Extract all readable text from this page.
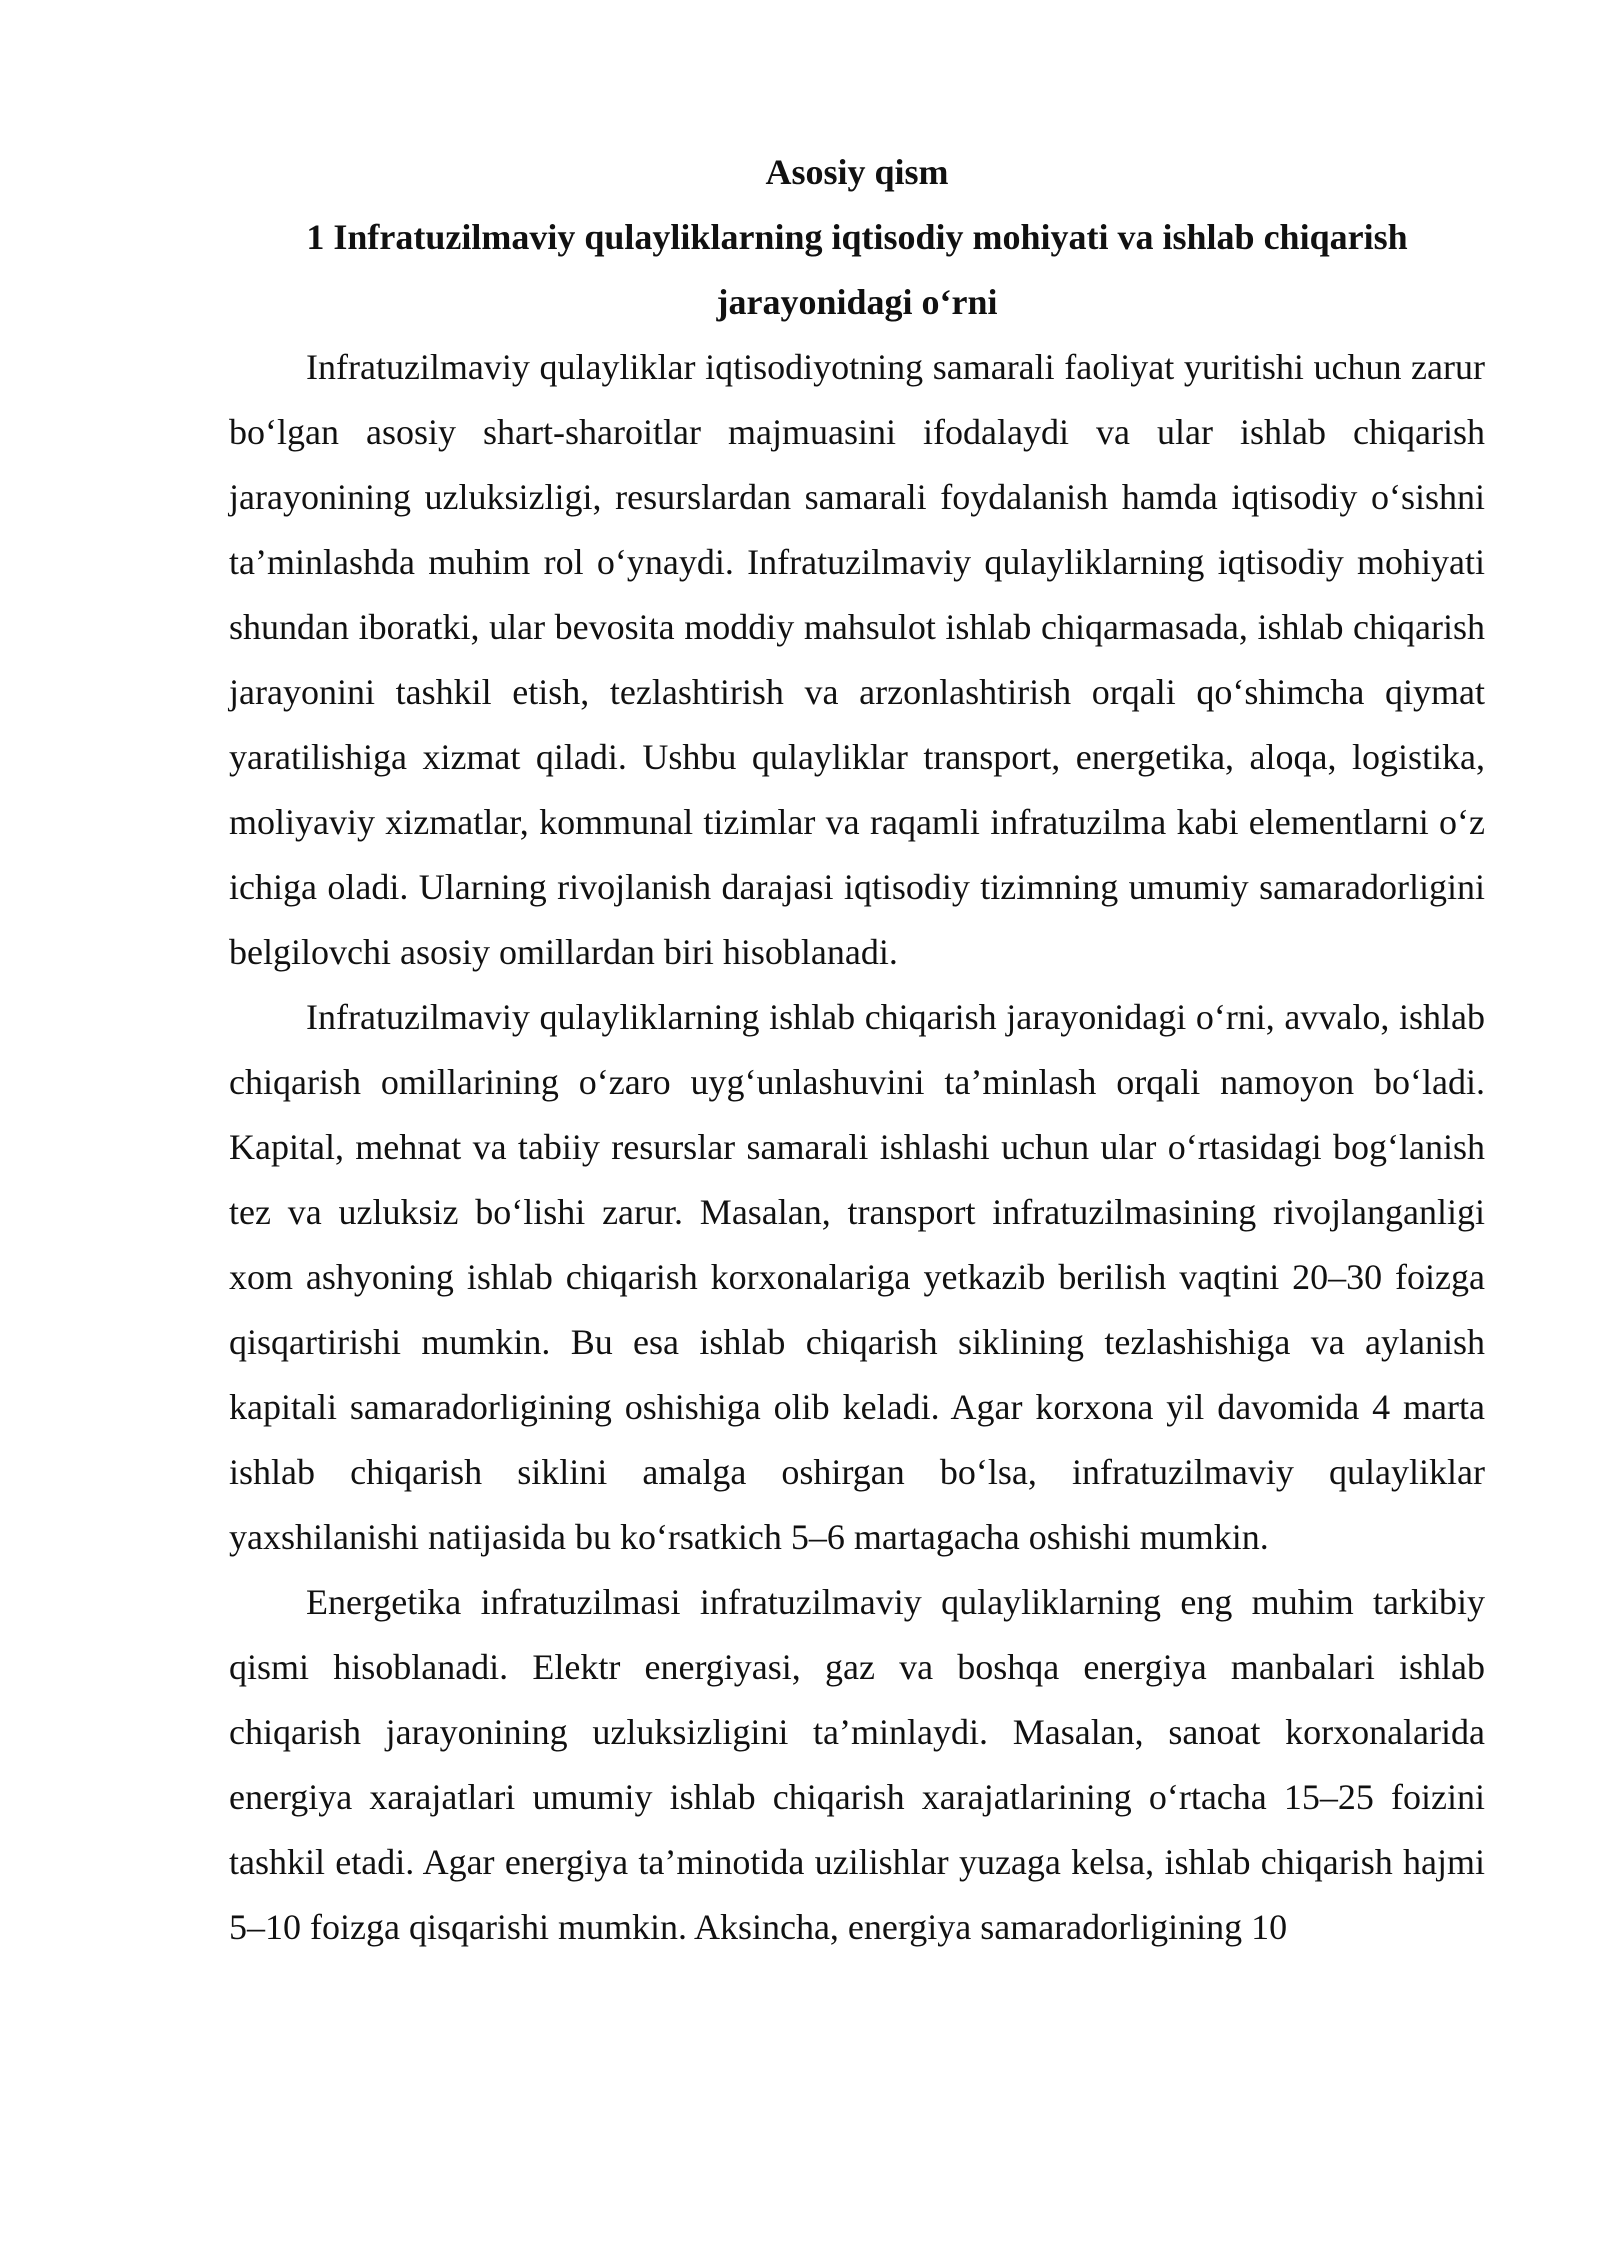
Asosiy qism

1 Infratuzilmaviy qulayliklarning iqtisodiy mohiyati va ishlab chiqarish jarayonidagi o‘rni

Infratuzilmaviy qulayliklar iqtisodiyotning samarali faoliyat yuritishi uchun zarur bo‘lgan asosiy shart-sharoitlar majmuasini ifodalaydi va ular ishlab chiqarish jarayonining uzluksizligi, resurslardan samarali foydalanish hamda iqtisodiy o‘sishni ta’minlashda muhim rol o‘ynaydi. Infratuzilmaviy qulayliklarning iqtisodiy mohiyati shundan iboratki, ular bevosita moddiy mahsulot ishlab chiqarmasada, ishlab chiqarish jarayonini tashkil etish, tezlashtirish va arzonlashtirish orqali qo‘shimcha qiymat yaratilishiga xizmat qiladi. Ushbu qulayliklar transport, energetika, aloqa, logistika, moliyaviy xizmatlar, kommunal tizimlar va raqamli infratuzilma kabi elementlarni o‘z ichiga oladi. Ularning rivojlanish darajasi iqtisodiy tizimning umumiy samaradorligini belgilovchi asosiy omillardan biri hisoblanadi.

Infratuzilmaviy qulayliklarning ishlab chiqarish jarayonidagi o‘rni, avvalo, ishlab chiqarish omillarining o‘zaro uyg‘unlashuvini ta’minlash orqali namoyon bo‘ladi. Kapital, mehnat va tabiiy resurslar samarali ishlashi uchun ular o‘rtasidagi bog‘lanish tez va uzluksiz bo‘lishi zarur. Masalan, transport infratuzilmasining rivojlanganligi xom ashyoning ishlab chiqarish korxonalariga yetkazib berilish vaqtini 20–30 foizga qisqartirishi mumkin. Bu esa ishlab chiqarish siklining tezlashishiga va aylanish kapitali samaradorligining oshishiga olib keladi. Agar korxona yil davomida 4 marta ishlab chiqarish siklini amalga oshirgan bo‘lsa, infratuzilmaviy qulayliklar yaxshilanishi natijasida bu ko‘rsatkich 5–6 martagacha oshishi mumkin.

Energetika infratuzilmasi infratuzilmaviy qulayliklarning eng muhim tarkibiy qismi hisoblanadi. Elektr energiyasi, gaz va boshqa energiya manbalari ishlab chiqarish jarayonining uzluksizligini ta’minlaydi. Masalan, sanoat korxonalarida energiya xarajatlari umumiy ishlab chiqarish xarajatlarining o‘rtacha 15–25 foizini tashkil etadi. Agar energiya ta’minotida uzilishlar yuzaga kelsa, ishlab chiqarish hajmi 5–10 foizga qisqarishi mumkin. Aksincha, energiya samaradorligining 10
